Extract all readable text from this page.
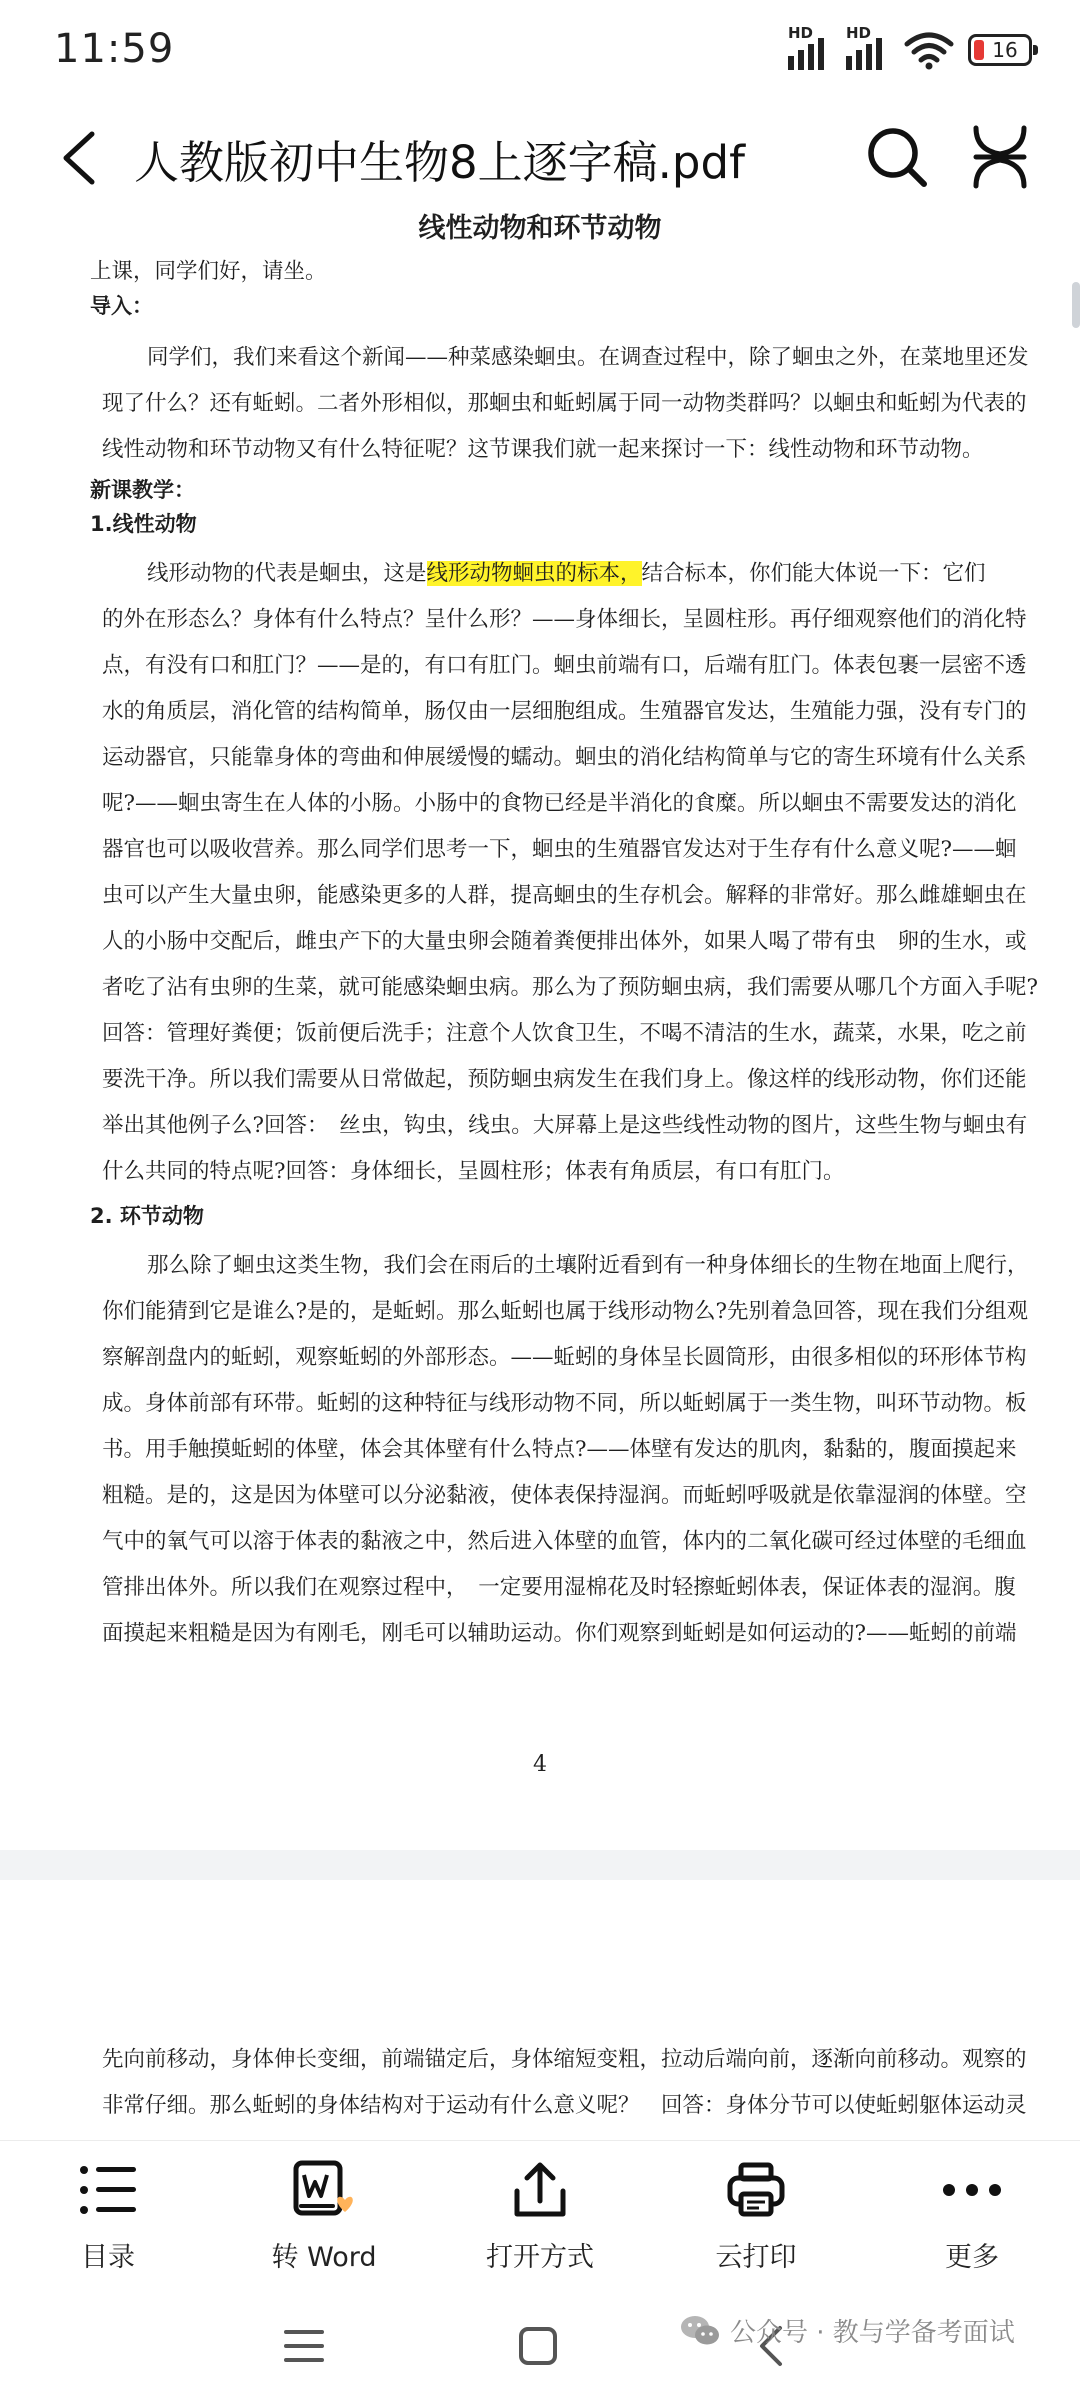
11:59	HD HD
16
人教版初中生物8上逐字稿.pdf
线性动物和环节动物
上课，同学们好，请坐。
导入：
同学们，我们来看这个新闻——种菜感染蛔虫。在调查过程中，除了蛔虫之外，在菜地里还发
现了什么？还有蚯蚓。二者外形相似，那蛔虫和蚯蚓属于同一动物类群吗？以蛔虫和蚯蚓为代表的
线性动物和环节动物又有什么特征呢？这节课我们就一起来探讨一下：线性动物和环节动物。
新课教学：
1.线性动物
线形动物的代表是蛔虫，这是线形动物蛔虫的标本，结合标本，你们能大体说一下：它们
的外在形态么？身体有什么特点？呈什么形？——身体细长，呈圆柱形。再仔细观察他们的消化特
点，有没有口和肛门？——是的，有口有肛门。蛔虫前端有口，后端有肛门。体表包裹一层密不透
水的角质层，消化管的结构简单，肠仅由一层细胞组成。生殖器官发达，生殖能力强，没有专门的
运动器官，只能靠身体的弯曲和伸展缓慢的蠕动。蛔虫的消化结构简单与它的寄生环境有什么关系
呢?——蛔虫寄生在人体的小肠。小肠中的食物已经是半消化的食糜。所以蛔虫不需要发达的消化
器官也可以吸收营养。那么同学们思考一下，蛔虫的生殖器官发达对于生存有什么意义呢?——蛔
虫可以产生大量虫卵，能感染更多的人群，提高蛔虫的生存机会。解释的非常好。那么雌雄蛔虫在
人的小肠中交配后，雌虫产下的大量虫卵会随着粪便排出体外，如果人喝了带有虫　卵的生水，或
者吃了沾有虫卵的生菜，就可能感染蛔虫病。那么为了预防蛔虫病，我们需要从哪几个方面入手呢?
回答：管理好粪便；饭前便后洗手；注意个人饮食卫生，不喝不清洁的生水，蔬菜，水果，吃之前
要洗干净。所以我们需要从日常做起，预防蛔虫病发生在我们身上。像这样的线形动物，你们还能
举出其他例子么?回答：　丝虫，钩虫，线虫。大屏幕上是这些线性动物的图片，这些生物与蛔虫有
什么共同的特点呢?回答：身体细长，呈圆柱形；体表有角质层，有口有肛门。
2. 环节动物
那么除了蛔虫这类生物，我们会在雨后的土壤附近看到有一种身体细长的生物在地面上爬行，
你们能猜到它是谁么?是的，是蚯蚓。那么蚯蚓也属于线形动物么?先别着急回答，现在我们分组观
察解剖盘内的蚯蚓，观察蚯蚓的外部形态。——蚯蚓的身体呈长圆筒形，由很多相似的环形体节构
成。身体前部有环带。蚯蚓的这种特征与线形动物不同，所以蚯蚓属于一类生物，叫环节动物。板
书。用手触摸蚯蚓的体壁，体会其体壁有什么特点?——体壁有发达的肌肉，黏黏的，腹面摸起来
粗糙。是的，这是因为体壁可以分泌黏液，使体表保持湿润。而蚯蚓呼吸就是依靠湿润的体壁。空
气中的氧气可以溶于体表的黏液之中，然后进入体壁的血管，体内的二氧化碳可经过体壁的毛细血
管排出体外。所以我们在观察过程中，　一定要用湿棉花及时轻擦蚯蚓体表，保证体表的湿润。腹
面摸起来粗糙是因为有刚毛，刚毛可以辅助运动。你们观察到蚯蚓是如何运动的?——蚯蚓的前端
4
先向前移动，身体伸长变细，前端锚定后，身体缩短变粗，拉动后端向前，逐渐向前移动。观察的
非常仔细。那么蚯蚓的身体结构对于运动有什么意义呢？　回答：身体分节可以使蚯蚓躯体运动灵
目录	转 Word	打开方式	云打印	更多
公众号 · 教与学备考面试
